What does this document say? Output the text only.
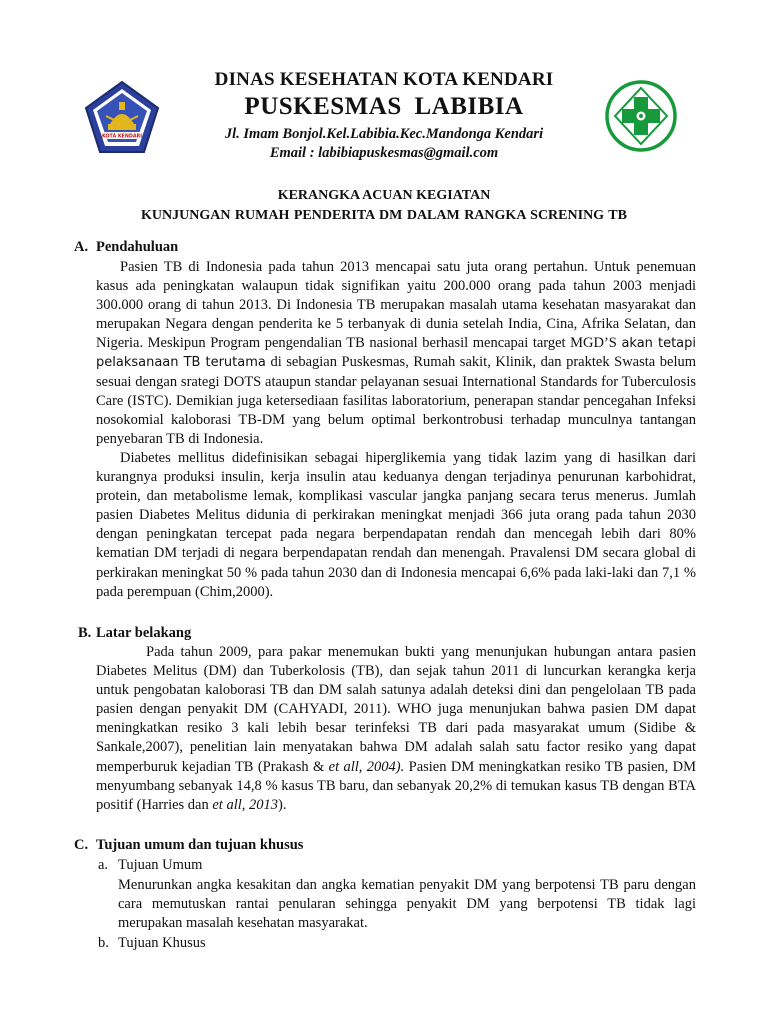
KOTA KENDARI
DINAS KESEHATAN KOTA KENDARI
PUSKESMAS LABIBIA
Jl. Imam Bonjol.Kel.Labibia.Kec.Mandonga Kendari
Email : labibiapuskesmas@gmail.com
KERANGKA ACUAN KEGIATAN
KUNJUNGAN RUMAH PENDERITA DM DALAM RANGKA SCRENING TB
A. Pendahuluan

Pasien TB di Indonesia pada tahun 2013 mencapai satu juta orang pertahun. Untuk penemuan kasus ada peningkatan walaupun tidak signifikan yaitu 200.000 orang pada tahun 2003 menjadi 300.000 orang di tahun 2013. Di Indonesia TB merupakan masalah utama kesehatan masyarakat dan merupakan Negara dengan penderita ke 5 terbanyak di dunia setelah India, Cina, Afrika Selatan, dan Nigeria. Meskipun Program pengendalian TB nasional berhasil mencapai target MGD’S akan tetapi pelaksanaan TB terutama di sebagian Puskesmas, Rumah sakit, Klinik, dan praktek Swasta belum sesuai dengan srategi DOTS ataupun standar pelayanan sesuai International Standards for Tuberculosis Care (ISTC). Demikian juga ketersediaan fasilitas laboratorium, penerapan standar pencegahan Infeksi nosokomial kaloborasi TB-DM yang belum optimal berkontrobusi terhadap munculnya tantangan penyebaran TB di Indonesia.

Diabetes mellitus didefinisikan sebagai hiperglikemia yang tidak lazim yang di hasilkan dari kurangnya produksi insulin, kerja insulin atau keduanya dengan terjadinya penurunan karbohidrat, protein, dan metabolisme lemak, komplikasi vascular jangka panjang secara terus menerus. Jumlah pasien Diabetes Melitus didunia di perkirakan meningkat menjadi 366 juta orang pada tahun 2030 dengan peningkatan tercepat pada negara berpendapatan rendah dan mencegah lebih dari 80% kematian DM terjadi di negara berpendapatan rendah dan menengah. Pravalensi DM secara global di perkirakan meningkat 50 % pada tahun 2030 dan di Indonesia mencapai 6,6% pada laki-laki dan 7,1 % pada perempuan (Chim,2000).

B. Latar belakang

Pada tahun 2009, para pakar menemukan bukti yang menunjukan hubungan antara pasien Diabetes Melitus (DM) dan Tuberkolosis (TB), dan sejak tahun 2011 di luncurkan kerangka kerja untuk pengobatan kaloborasi TB dan DM salah satunya adalah deteksi dini dan pengelolaan TB pada pasien dengan penyakit DM (CAHYADI, 2011). WHO juga menunjukan bahwa pasien DM dapat meningkatkan resiko 3 kali lebih besar terinfeksi TB dari pada masyarakat umum (Sidibe & Sankale,2007), penelitian lain menyatakan bahwa DM adalah salah satu factor resiko yang dapat memperburuk kejadian TB (Prakash & et all, 2004). Pasien DM meningkatkan resiko TB pasien, DM menyumbang sebanyak 14,8 % kasus TB baru, dan sebanyak 20,2% di temukan kasus TB dengan BTA positif (Harries dan et all, 2013).

C. Tujuan umum dan tujuan khusus
a. Tujuan Umum

Menurunkan angka kesakitan dan angka kematian penyakit DM yang berpotensi TB paru dengan cara memutuskan rantai penularan sehingga penyakit DM yang berpotensi TB tidak lagi merupakan masalah kesehatan masyarakat.

b. Tujuan Khusus
